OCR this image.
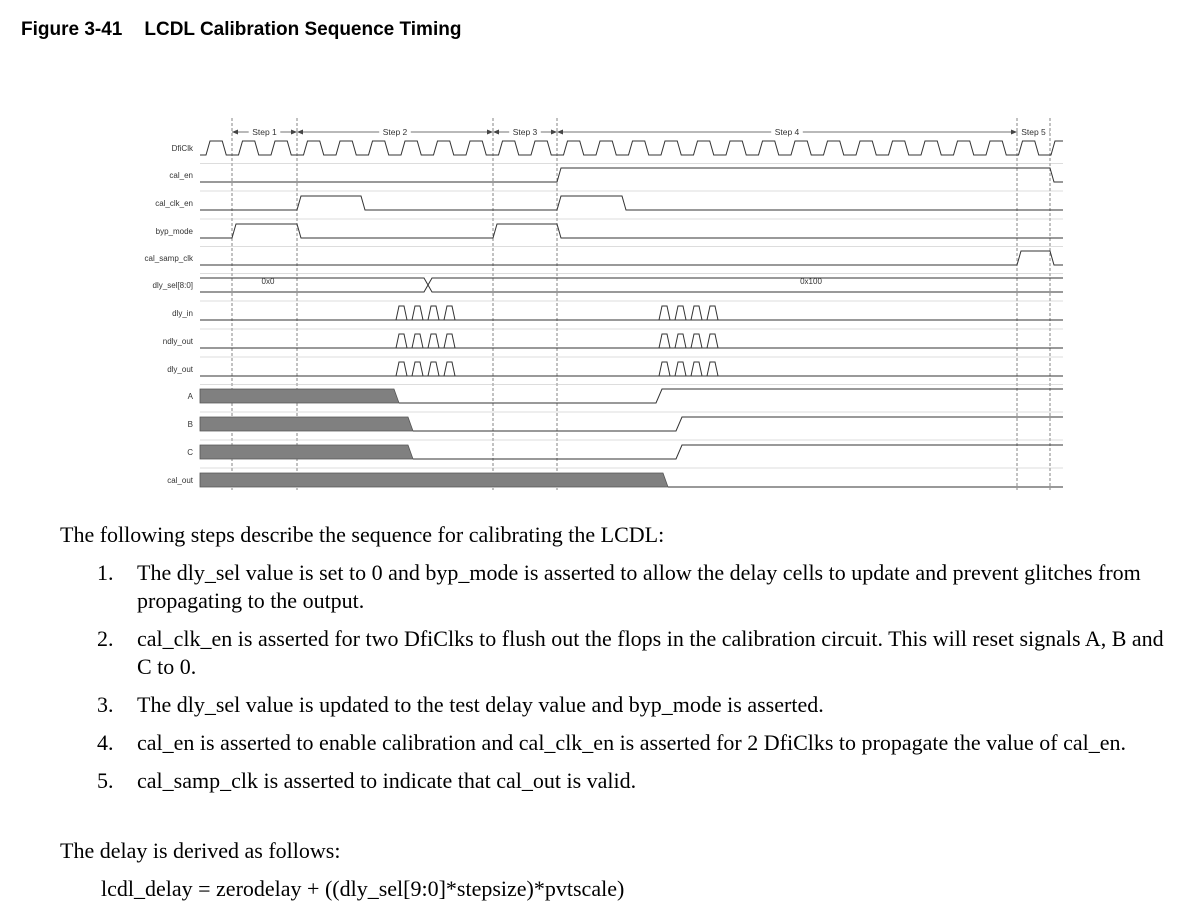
Figure 3-41 LCDL Calibration Sequence Timing
Step 1	Step 2	Step 3	Step 4	Step 5
0x0	0x100
DfiClk
cal_en
cal_clk_en
byp_mode
cal_samp_clk
dly_sel[8:0]
dly_in
ndly_out
dly_out
A
B
C
cal_out
The following steps describe the sequence for calibrating the LCDL:
1. The dly_sel value is set to 0 and byp_mode is asserted to allow the delay cells to update and prevent glitches from propagating to the output.
2. cal_clk_en is asserted for two DfiClks to flush out the flops in the calibration circuit. This will reset signals A, B and C to 0.
3. The dly_sel value is updated to the test delay value and byp_mode is asserted.
4. cal_en is asserted to enable calibration and cal_clk_en is asserted for 2 DfiClks to propagate the value of cal_en.
5. cal_samp_clk is asserted to indicate that cal_out is valid.
The delay is derived as follows:
lcdl_delay = zerodelay + ((dly_sel[9:0]*stepsize)*pvtscale)
